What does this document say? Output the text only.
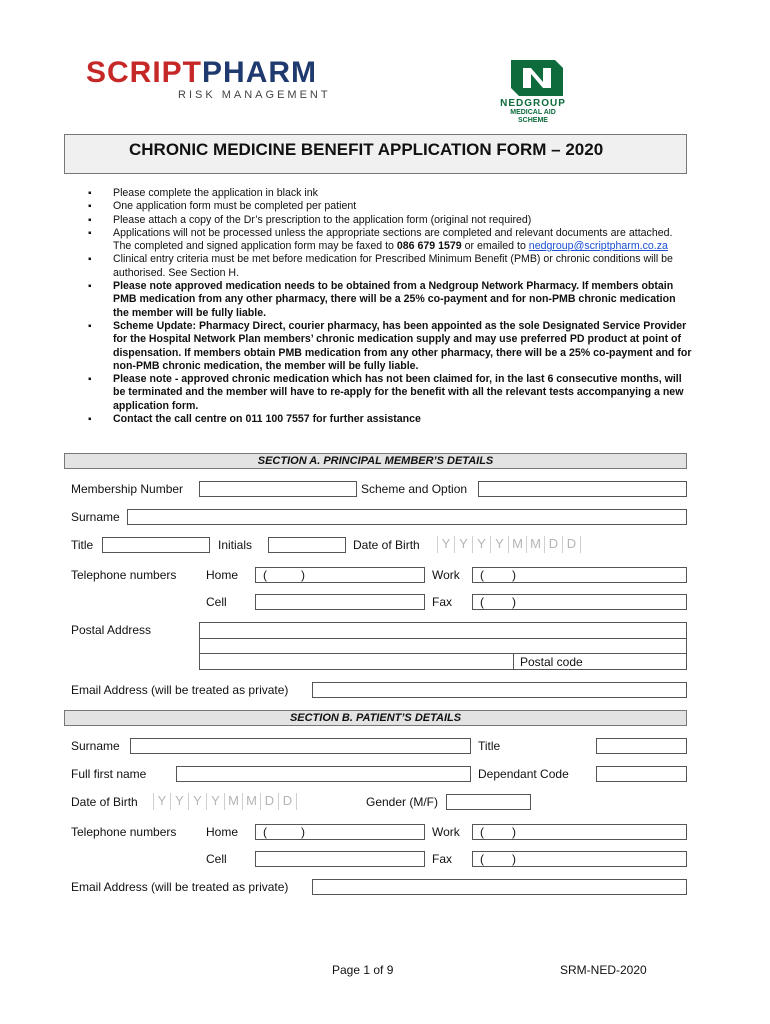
SCRIPTPHARM
RISK MANAGEMENT
NEDGROUP
MEDICAL AID
SCHEME
CHRONIC MEDICINE BENEFIT APPLICATION FORM – 2020
▪ Please complete the application in black ink
▪ One application form must be completed per patient
▪ Please attach a copy of the Dr’s prescription to the application form (original not required)
▪ Applications will not be processed unless the appropriate sections are completed and relevant documents are attached. The completed and signed application form may be faxed to 086 679 1579 or emailed to nedgroup@scriptpharm.co.za
▪ Clinical entry criteria must be met before medication for Prescribed Minimum Benefit (PMB) or chronic conditions will be authorised. See Section H.
▪ Please note approved medication needs to be obtained from a Nedgroup Network Pharmacy. If members obtain PMB medication from any other pharmacy, there will be a 25% co-payment and for non-PMB chronic medication the member will be fully liable.
▪ Scheme Update: Pharmacy Direct, courier pharmacy, has been appointed as the sole Designated Service Provider for the Hospital Network Plan members’ chronic medication supply and may use preferred PD product at point of dispensation. If members obtain PMB medication from any other pharmacy, there will be a 25% co-payment and for non-PMB chronic medication, the member will be fully liable.
▪ Please note - approved chronic medication which has not been claimed for, in the last 6 consecutive months, will be terminated and the member will have to re-apply for the benefit with all the relevant tests accompanying a new application form.
▪ Contact the call centre on 011 100 7557 for further assistance
SECTION A. PRINCIPAL MEMBER’S DETAILS
Membership Number	Scheme and Option
Surname
Title	Initials	Date of Birth	Y Y Y Y M M D D
Telephone numbers Home (	)	Work ( )
Cell	Fax ( )
Postal Address
Postal code
Email Address (will be treated as private)
SECTION B. PATIENT’S DETAILS
Surname	Title
Full first name	Dependant Code
Date of Birth	Y Y Y Y M M D D	Gender (M/F)
Telephone numbers Home (	)	Work ( )
Cell	Fax ( )
Email Address (will be treated as private)
Page 1 of 9	SRM-NED-2020
